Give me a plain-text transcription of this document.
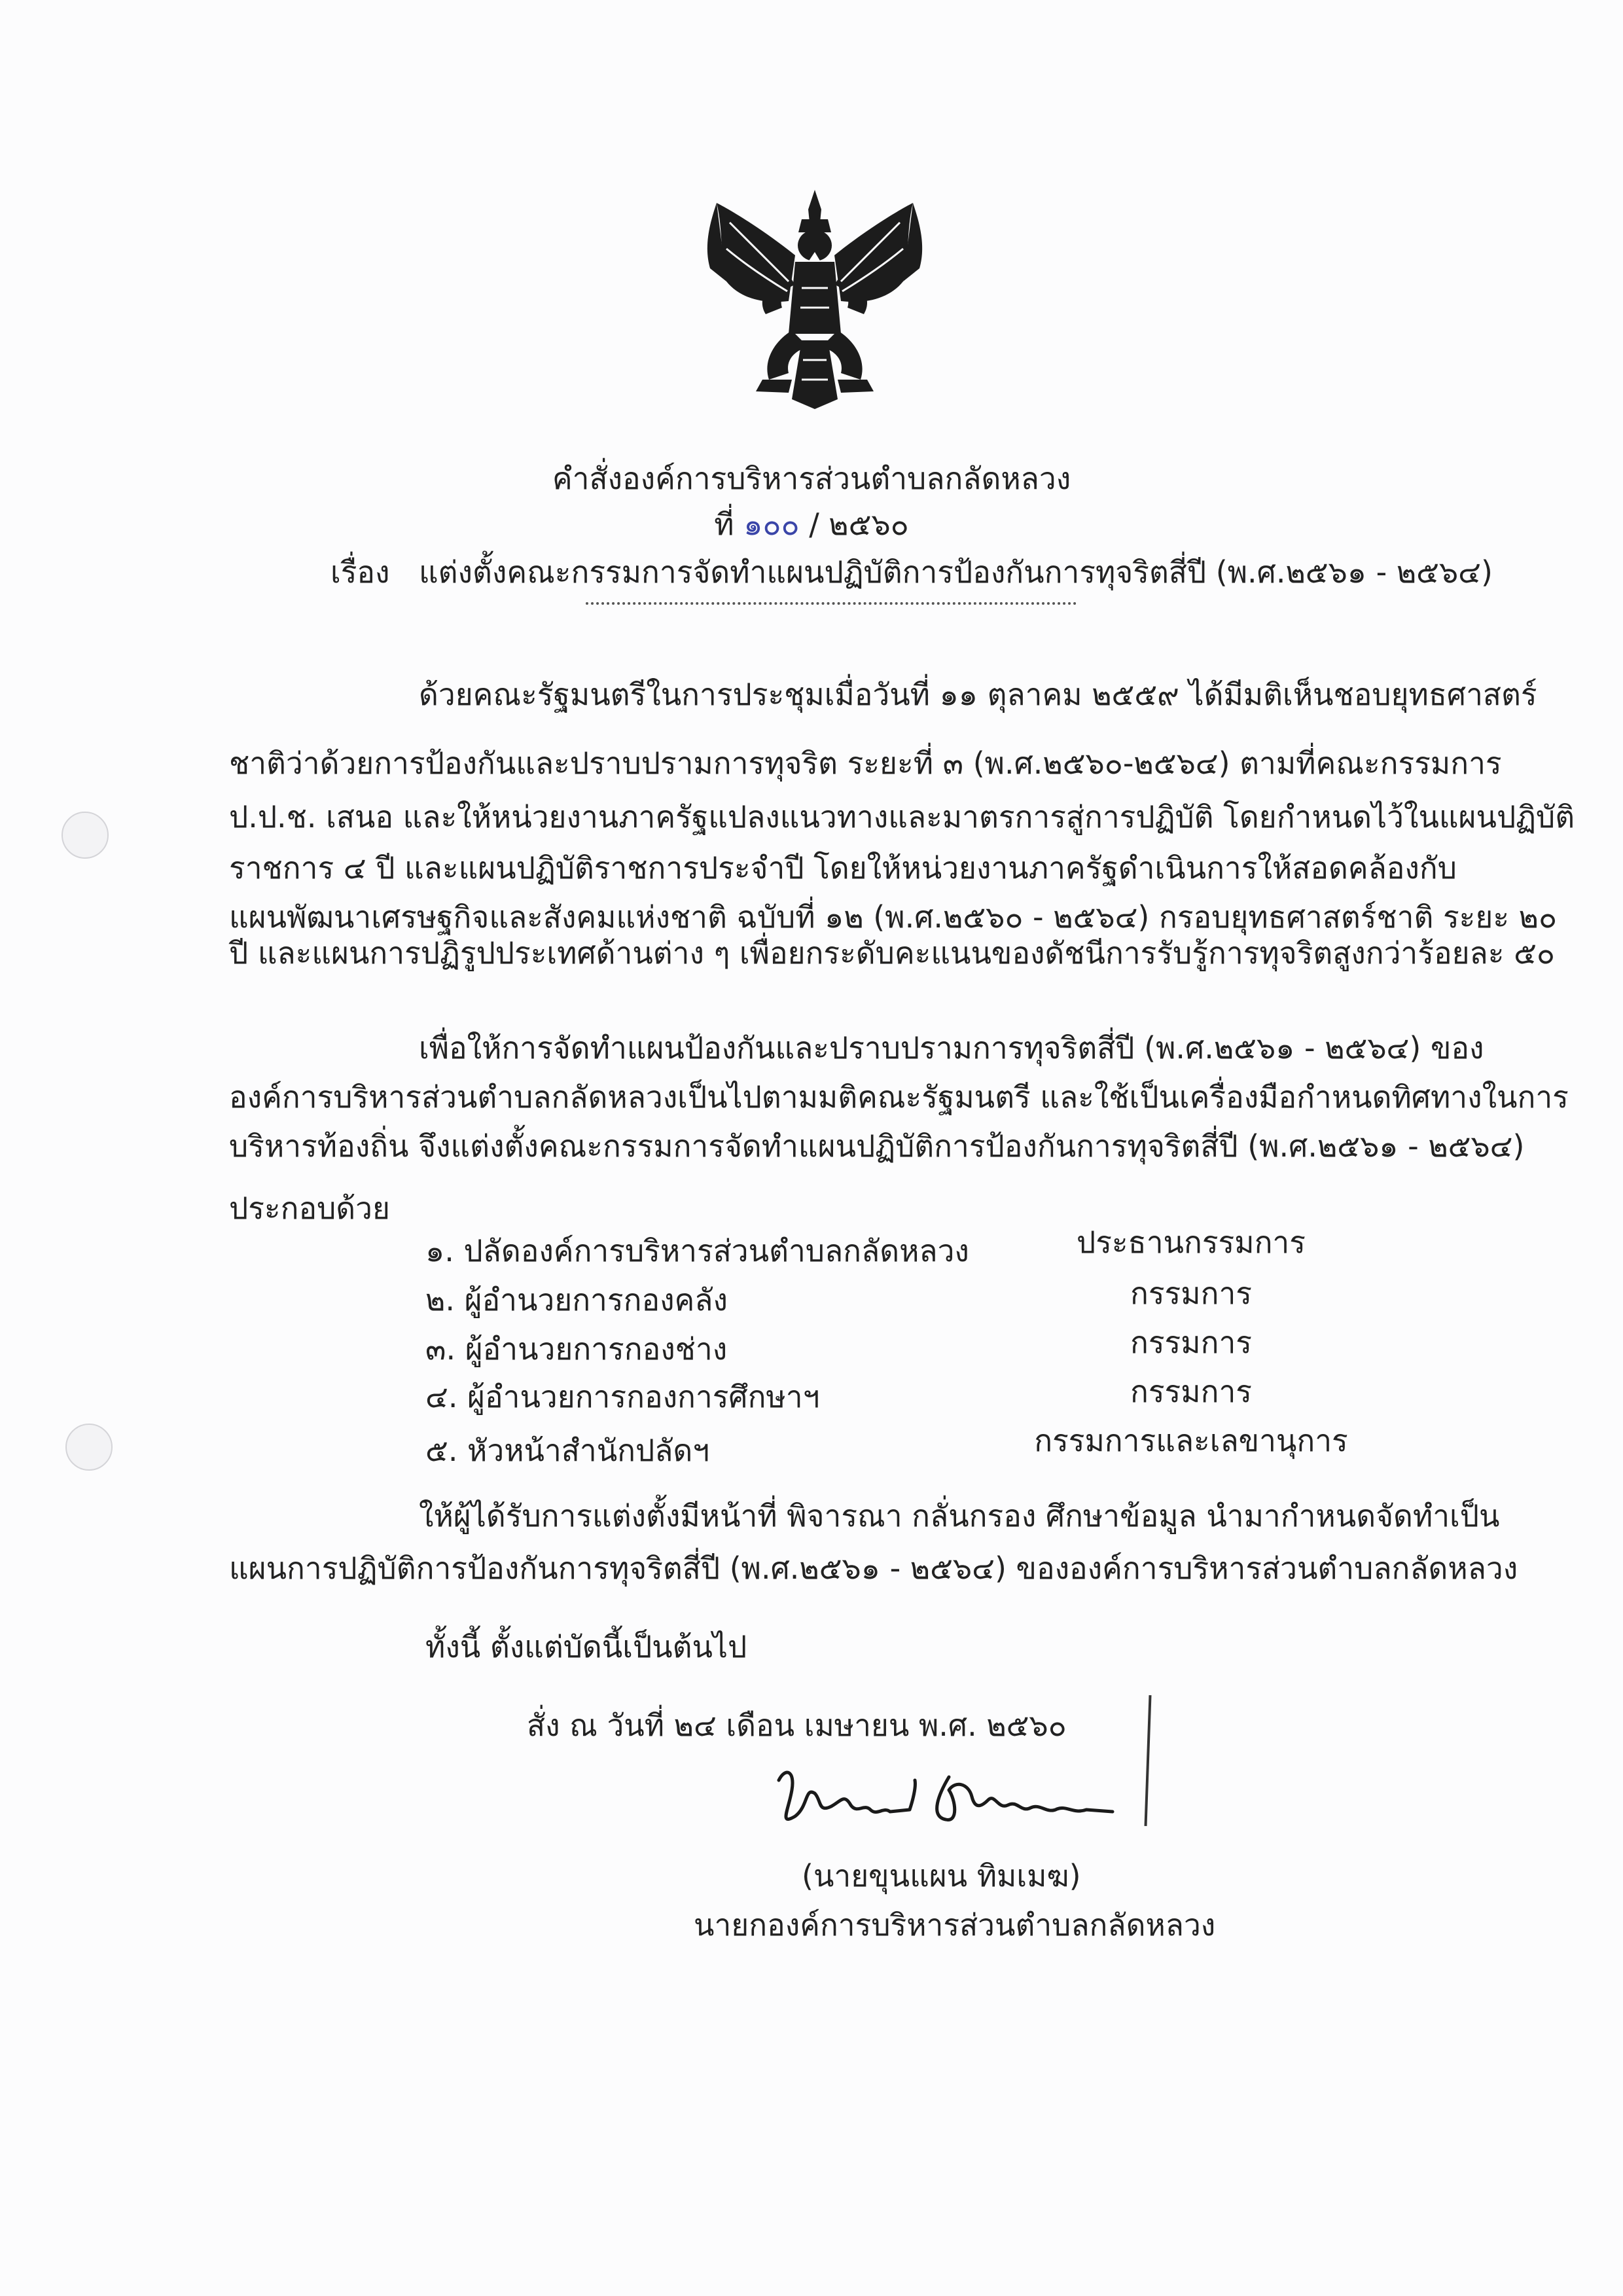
คำสั่งองค์การบริหารส่วนตำบลกลัดหลวง
ที่ ๑๐๐ / ๒๕๖๐
เรื่อง แต่งตั้งคณะกรรมการจัดทำแผนปฏิบัติการป้องกันการทุจริตสี่ปี (พ.ศ.๒๕๖๑ - ๒๕๖๔)
ด้วยคณะรัฐมนตรีในการประชุมเมื่อวันที่ ๑๑ ตุลาคม ๒๕๕๙ ได้มีมติเห็นชอบยุทธศาสตร์
ชาติว่าด้วยการป้องกันและปราบปรามการทุจริต ระยะที่ ๓ (พ.ศ.๒๕๖๐-๒๕๖๔) ตามที่คณะกรรมการ
ป.ป.ช. เสนอ และให้หน่วยงานภาครัฐแปลงแนวทางและมาตรการสู่การปฏิบัติ โดยกำหนดไว้ในแผนปฏิบัติ
ราชการ ๔ ปี และแผนปฏิบัติราชการประจำปี โดยให้หน่วยงานภาครัฐดำเนินการให้สอดคล้องกับ
แผนพัฒนาเศรษฐกิจและสังคมแห่งชาติ ฉบับที่ ๑๒ (พ.ศ.๒๕๖๐ - ๒๕๖๔) กรอบยุทธศาสตร์ชาติ ระยะ ๒๐
ปี และแผนการปฏิรูปประเทศด้านต่าง ๆ เพื่อยกระดับคะแนนของดัชนีการรับรู้การทุจริตสูงกว่าร้อยละ ๕๐
เพื่อให้การจัดทำแผนป้องกันและปราบปรามการทุจริตสี่ปี (พ.ศ.๒๕๖๑ - ๒๕๖๔) ของ
องค์การบริหารส่วนตำบลกลัดหลวงเป็นไปตามมติคณะรัฐมนตรี และใช้เป็นเครื่องมือกำหนดทิศทางในการ
บริหารท้องถิ่น จึงแต่งตั้งคณะกรรมการจัดทำแผนปฏิบัติการป้องกันการทุจริตสี่ปี (พ.ศ.๒๕๖๑ - ๒๕๖๔)
ประกอบด้วย
๑. ปลัดองค์การบริหารส่วนตำบลกลัดหลวง	ประธานกรรมการ
๒. ผู้อำนวยการกองคลัง	กรรมการ
๓. ผู้อำนวยการกองช่าง	กรรมการ
๔. ผู้อำนวยการกองการศึกษาฯ	กรรมการ
๕. หัวหน้าสำนักปลัดฯ	กรรมการและเลขานุการ
ให้ผู้ได้รับการแต่งตั้งมีหน้าที่ พิจารณา กลั่นกรอง ศึกษาข้อมูล นำมากำหนดจัดทำเป็น
แผนการปฏิบัติการป้องกันการทุจริตสี่ปี (พ.ศ.๒๕๖๑ - ๒๕๖๔) ขององค์การบริหารส่วนตำบลกลัดหลวง
ทั้งนี้ ตั้งแต่บัดนี้เป็นต้นไป
สั่ง ณ วันที่ ๒๔ เดือน เมษายน พ.ศ. ๒๕๖๐
(นายขุนแผน ทิมเมฆ)
นายกองค์การบริหารส่วนตำบลกลัดหลวง
